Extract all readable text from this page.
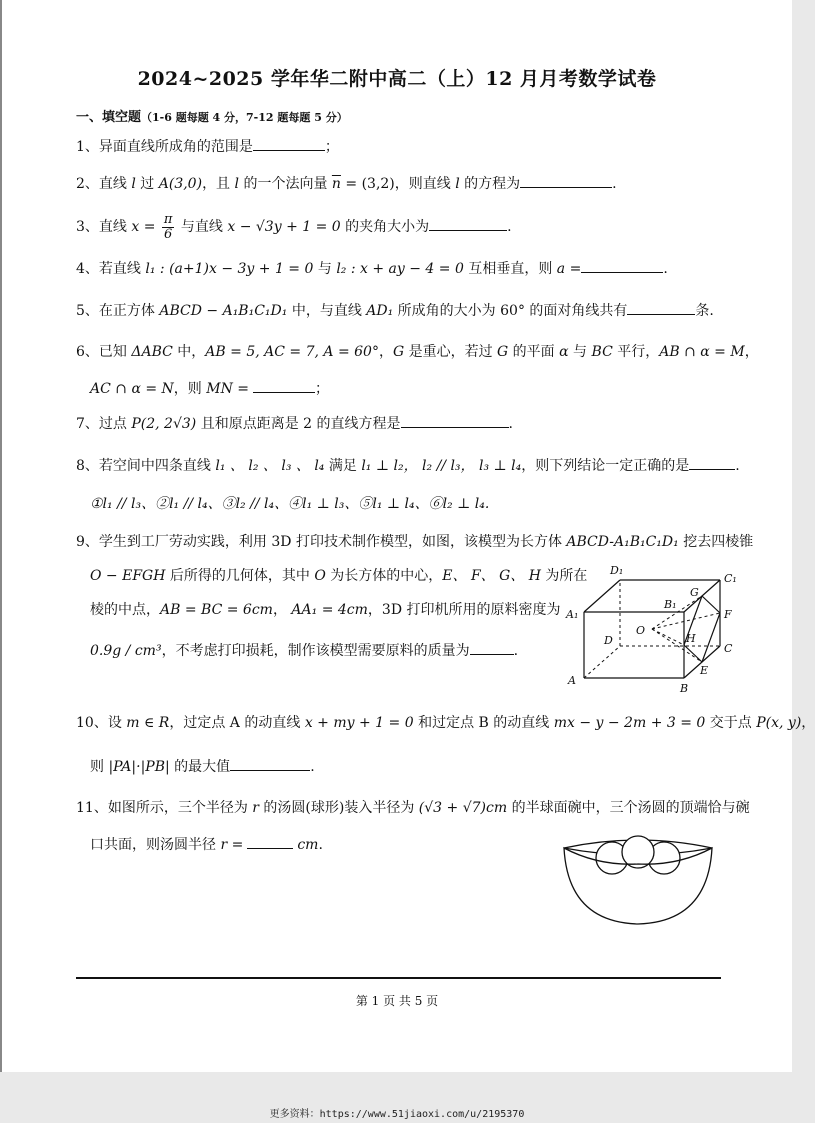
2024~2025 学年华二附中高二（上）12 月月考数学试卷
一、填空题（1-6 题每题 4 分，7-12 题每题 5 分）
1、异面直线所成角的范围是	；
2、直线 l 过 A(3,0)，且 l 的一个法向量 $\overline{n} = (3,2)$，则直线 l 的方程为	.
3、直线 $x = \frac{\pi}{6}$ 与直线 x − √3y + 1 = 0 的夹角大小为	.
4、若直线 l₁ : (a+1)x − 3y + 1 = 0 与 l₂ : x + ay − 4 = 0 互相垂直，则 a =	.
5、在正方体 ABCD − A₁B₁C₁D₁ 中，与直线 AD₁ 所成角的大小为 60° 的面对角线共有	条.
6、已知 ΔABC 中，AB = 5, AC = 7, A = 60°，G 是重心，若过 G 的平面 α 与 BC 平行，AB ∩ α = M，
AC ∩ α = N，则 MN =	；
7、过点 P(2, 2√3) 且和原点距离是 2 的直线方程是	.
8、若空间中四条直线 l₁ 、 l₂ 、 l₃ 、 l₄ 满足 l₁ ⊥ l₂， l₂ // l₃， l₃ ⊥ l₄，则下列结论一定正确的是	.
①l₁ // l₃、②l₁ // l₄、③l₂ // l₄、④l₁ ⊥ l₃、⑤l₁ ⊥ l₄、⑥l₂ ⊥ l₄.
9、学生到工厂劳动实践，利用 3D 打印技术制作模型，如图，该模型为长方体 ABCD-A₁B₁C₁D₁ 挖去四棱锥
O − EFGH 后所得的几何体，其中 O 为长方体的中心，E、 F、 G、 H 为所在
棱的中点，AB = BC = 6cm， AA₁ = 4cm，3D 打印机所用的原料密度为
0.9g / cm³，不考虑打印损耗，制作该模型需要原料的质量为	.
D₁
C₁
A₁
B₁
G
F
D
O
H
C
E
A
B
10、设 m ∈ R，过定点 A 的动直线 x + my + 1 = 0 和过定点 B 的动直线 mx − y − 2m + 3 = 0 交于点 P(x, y)，
则 |PA|·|PB| 的最大值	.
11、如图所示，三个半径为 r 的汤圆(球形)装入半径为 (√3 + √7)cm 的半球面碗中，三个汤圆的顶端恰与碗
口共面，则汤圆半径 r =	cm.
第 1 页 共 5 页
更多资料：https://www.51jiaoxi.com/u/2195370
